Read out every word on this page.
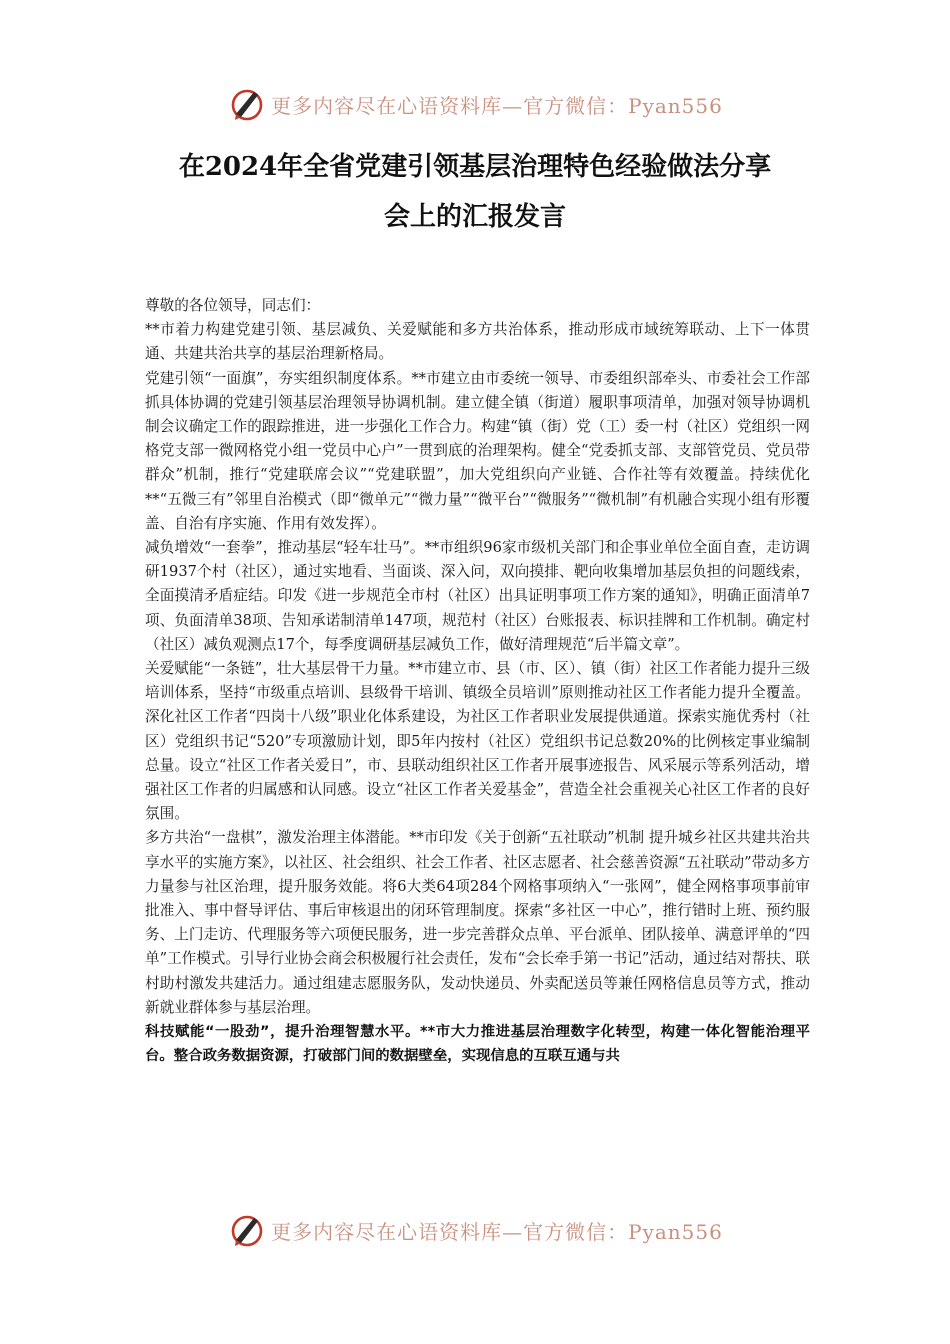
更多内容尽在心语资料库—官方微信：Pyan556
在2024年全省党建引领基层治理特色经验做法分享
会上的汇报发言

尊敬的各位领导，同志们：

**市着力构建党建引领、基层减负、关爱赋能和多方共治体系，推动形成市域统筹联动、上下一体贯通、共建共治共享的基层治理新格局。

党建引领“一面旗”，夯实组织制度体系。**市建立由市委统一领导、市委组织部牵头、市委社会工作部抓具体协调的党建引领基层治理领导协调机制。建立健全镇（街道）履职事项清单，加强对领导协调机制会议确定工作的跟踪推进，进一步强化工作合力。构建“镇（街）党（工）委一村（社区）党组织一网格党支部一微网格党小组一党员中心户”一贯到底的治理架构。健全“党委抓支部、支部管党员、党员带群众”机制，推行“党建联席会议”“党建联盟”，加大党组织向产业链、合作社等有效覆盖。持续优化**“五微三有”邻里自治模式（即“微单元”“微力量”“微平台”“微服务”“微机制”有机融合实现小组有形覆盖、自治有序实施、作用有效发挥）。

减负增效“一套拳”，推动基层“轻车壮马”。**市组织96家市级机关部门和企事业单位全面自查，走访调研1937个村（社区），通过实地看、当面谈、深入问，双向摸排、靶向收集增加基层负担的问题线索，全面摸清矛盾症结。印发《进一步规范全市村（社区）出具证明事项工作方案的通知》，明确正面清单7项、负面清单38项、告知承诺制清单147项，规范村（社区）台账报表、标识挂牌和工作机制。确定村（社区）减负观测点17个，每季度调研基层减负工作，做好清理规范“后半篇文章”。

关爱赋能“一条链”，壮大基层骨干力量。**市建立市、县（市、区）、镇（街）社区工作者能力提升三级培训体系，坚持“市级重点培训、县级骨干培训、镇级全员培训”原则推动社区工作者能力提升全覆盖。深化社区工作者“四岗十八级”职业化体系建设，为社区工作者职业发展提供通道。探索实施优秀村（社区）党组织书记“520”专项激励计划，即5年内按村（社区）党组织书记总数20%的比例核定事业编制总量。设立“社区工作者关爱日”，市、县联动组织社区工作者开展事迹报告、风采展示等系列活动，增强社区工作者的归属感和认同感。设立“社区工作者关爱基金”，营造全社会重视关心社区工作者的良好氛围。

多方共治“一盘棋”，激发治理主体潜能。**市印发《关于创新“五社联动”机制 提升城乡社区共建共治共享水平的实施方案》，以社区、社会组织、社会工作者、社区志愿者、社会慈善资源“五社联动”带动多方力量参与社区治理，提升服务效能。将6大类64项284个网格事项纳入“一张网”，健全网格事项事前审批准入、事中督导评估、事后审核退出的闭环管理制度。探索“多社区一中心”，推行错时上班、预约服务、上门走访、代理服务等六项便民服务，进一步完善群众点单、平台派单、团队接单、满意评单的“四单”工作模式。引导行业协会商会积极履行社会责任，发布“会长牵手第一书记”活动，通过结对帮扶、联村助村激发共建活力。通过组建志愿服务队，发动快递员、外卖配送员等兼任网格信息员等方式，推动新就业群体参与基层治理。

科技赋能“一股劲”，提升治理智慧水平。**市大力推进基层治理数字化转型，构建一体化智能治理平台。整合政务数据资源，打破部门间的数据壁垒，实现信息的互联互通与共

更多内容尽在心语资料库—官方微信：Pyan556
